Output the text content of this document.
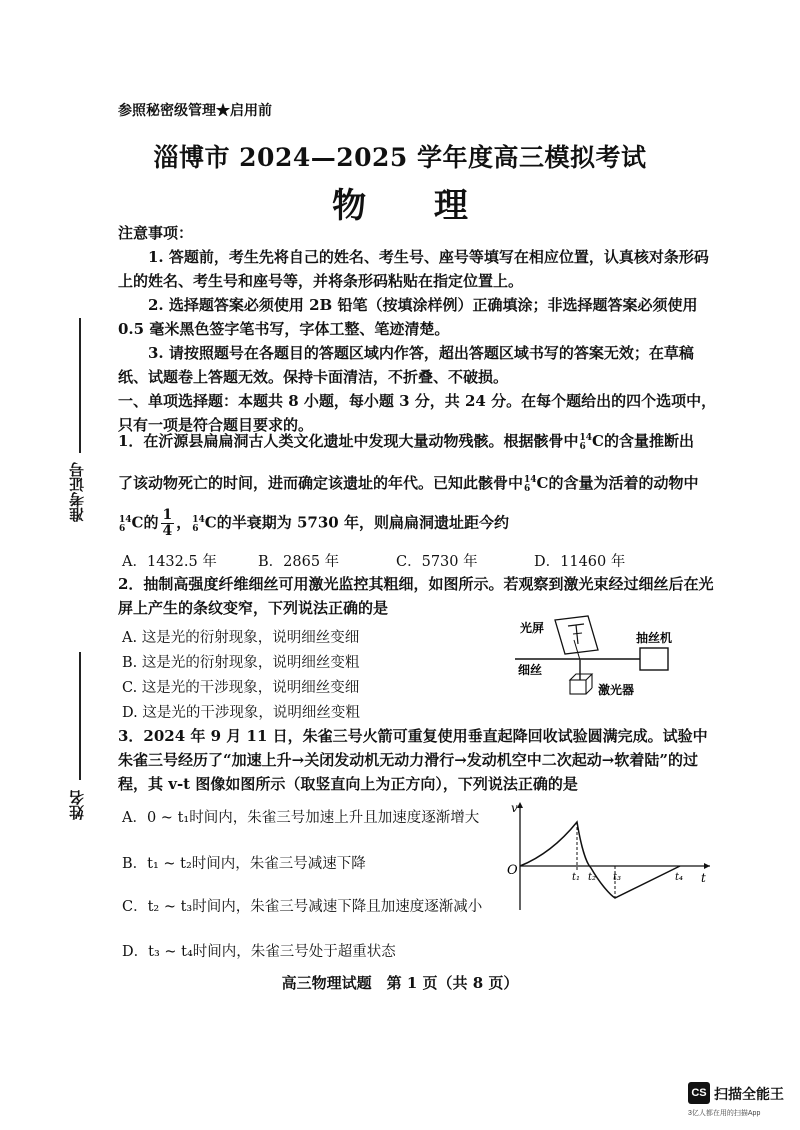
参照秘密级管理★启用前
淄博市 2024—2025 学年度高三模拟考试
物 理
准考证号
姓名
注意事项：
1. 答题前，考生先将自己的姓名、考生号、座号等填写在相应位置，认真核对条形码上的姓名、考生号和座号等，并将条形码粘贴在指定位置上。
2. 选择题答案必须使用 2B 铅笔（按填涂样例）正确填涂；非选择题答案必须使用 0.5 毫米黑色签字笔书写，字体工整、笔迹清楚。
3. 请按照题号在各题目的答题区域内作答，超出答题区域书写的答案无效；在草稿纸、试题卷上答题无效。保持卡面清洁，不折叠、不破损。
一、单项选择题：本题共 8 小题，每小题 3 分，共 24 分。在每个题给出的四个选项中，只有一项是符合题目要求的。
1．在沂源县扁扁洞古人类文化遗址中发现大量动物残骸。根据骸骨中 14
6 C的含量推断出
了该动物死亡的时间，进而确定该遗址的年代。已知此骸骨中 14
6 C的含量为活着的动物中
14
6 C的 $\frac{1}{4}$ ， 14
6 C的半衰期为 5730 年，则扁扁洞遗址距今约
A．1432.5 年	B．2865 年	C．5730 年	D．11460 年
2．抽制高强度纤维细丝可用激光监控其粗细，如图所示。若观察到激光束经过细丝后在光屏上产生的条纹变窄，下列说法正确的是
A. 这是光的衍射现象，说明细丝变细
B. 这是光的衍射现象，说明细丝变粗
C. 这是光的干涉现象，说明细丝变细
D. 这是光的干涉现象，说明细丝变粗
光屏
抽丝机
细丝
激光器
3．2024 年 9 月 11 日，朱雀三号火箭可重复使用垂直起降回收试验圆满完成。试验中朱雀三号经历了“加速上升→关闭发动机无动力滑行→发动机空中二次起动→软着陆”的过程，其 v-t 图像如图所示（取竖直向上为正方向），下列说法正确的是
A．0 ~ t₁时间内，朱雀三号加速上升且加速度逐渐增大
B．t₁ ~ t₂时间内，朱雀三号减速下降
C．t₂ ~ t₃时间内，朱雀三号减速下降且加速度逐渐减小
D．t₃ ~ t₄时间内，朱雀三号处于超重状态
v
t
O	t₁ t₂ t₃	t₄
高三物理试题　第 1 页（共 8 页）
CS 扫描全能王
3亿人都在用的扫描App
